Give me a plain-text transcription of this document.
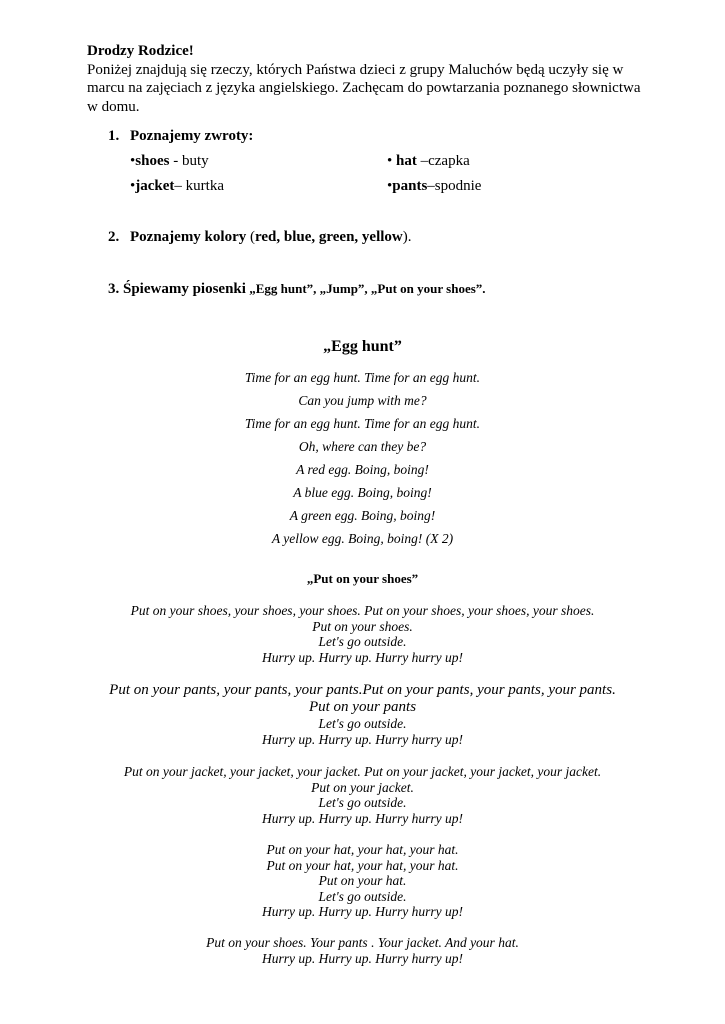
Drodzy Rodzice!
Poniżej znajdują się rzeczy, których Państwa dzieci z grupy Maluchów będą uczyły się w
marcu na zajęciach z języka angielskiego. Zachęcam do powtarzania poznanego słownictwa
w domu.
1. Poznajemy zwroty:
•shoes - buty	• hat –czapka
•jacket– kurtka	•pants–spodnie
2. Poznajemy kolory (red, blue, green, yellow).
3. Śpiewamy piosenki „Egg hunt”, „Jump”, „Put on your shoes”.
„Egg hunt”
Time for an egg hunt. Time for an egg hunt.
Can you jump with me?
Time for an egg hunt. Time for an egg hunt.
Oh, where can they be?
A red egg. Boing, boing!
A blue egg. Boing, boing!
A green egg. Boing, boing!
A yellow egg. Boing, boing! (X 2)
„Put on your shoes”
Put on your shoes, your shoes, your shoes. Put on your shoes, your shoes, your shoes.
Put on your shoes.
Let's go outside.
Hurry up. Hurry up. Hurry hurry up!
Put on your pants, your pants, your pants.Put on your pants, your pants, your pants.
Put on your pants
Let's go outside.
Hurry up. Hurry up. Hurry hurry up!
Put on your jacket, your jacket, your jacket. Put on your jacket, your jacket, your jacket.
Put on your jacket.
Let's go outside.
Hurry up. Hurry up. Hurry hurry up!
Put on your hat, your hat, your hat.
Put on your hat, your hat, your hat.
Put on your hat.
Let's go outside.
Hurry up. Hurry up. Hurry hurry up!
Put on your shoes. Your pants . Your jacket. And your hat.
Hurry up. Hurry up. Hurry hurry up!
